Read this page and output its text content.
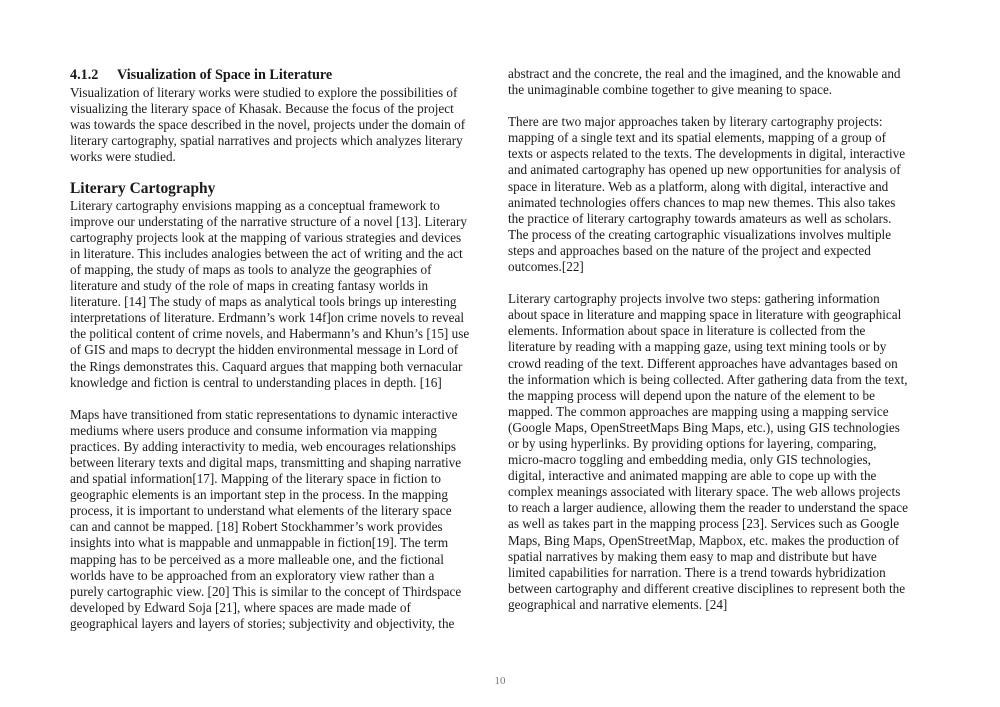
4.1.2 Visualization of Space in Literature

Visualization of literary works were studied to explore the possibilities of visualizing the literary space of Khasak. Because the focus of the project was towards the space described in the novel, projects under the domain of literary cartography, spatial narratives and projects which analyzes literary works were studied.

Literary Cartography

Literary cartography envisions mapping as a conceptual framework to improve our understating of the narrative structure of a novel [13]. Literary cartography projects look at the mapping of various strategies and devices in literature. This includes analogies between the act of writing and the act of mapping, the study of maps as tools to analyze the geographies of literature and study of the role of maps in creating fantasy worlds in literature. [14] The study of maps as analytical tools brings up interesting interpretations of literature. Erdmann’s work 14f]on crime novels to reveal the political content of crime novels, and Habermann’s and Khun’s [15] use of GIS and maps to decrypt the hidden environmental message in Lord of the Rings demonstrates this. Caquard argues that mapping both vernacular knowledge and fiction is central to understanding places in depth. [16]

Maps have transitioned from static representations to dynamic interactive mediums where users produce and consume information via mapping practices. By adding interactivity to media, web encourages relationships between literary texts and digital maps, transmitting and shaping narrative and spatial information[17]. Mapping of the literary space in fiction to geographic elements is an important step in the process. In the mapping process, it is important to understand what elements of the literary space can and cannot be mapped. [18] Robert Stockhammer’s work provides insights into what is mappable and unmappable in fiction[19]. The term mapping has to be perceived as a more malleable one, and the fictional worlds have to be approached from an exploratory view rather than a purely cartographic view. [20] This is similar to the concept of Thirdspace developed by Edward Soja [21], where spaces are made made of geographical layers and layers of stories; subjectivity and objectivity, the

abstract and the concrete, the real and the imagined, and the knowable and the unimaginable combine together to give meaning to space.

There are two major approaches taken by literary cartography projects: mapping of a single text and its spatial elements, mapping of a group of texts or aspects related to the texts. The developments in digital, interactive and animated cartography has opened up new opportunities for analysis of space in literature. Web as a platform, along with digital, interactive and animated technologies offers chances to map new themes. This also takes the practice of literary cartography towards amateurs as well as scholars. The process of the creating cartographic visualizations involves multiple steps and approaches based on the nature of the project and expected outcomes.[22]

Literary cartography projects involve two steps: gathering information about space in literature and mapping space in literature with geographical elements. Information about space in literature is collected from the literature by reading with a mapping gaze, using text mining tools or by crowd reading of the text. Different approaches have advantages based on the information which is being collected. After gathering data from the text, the mapping process will depend upon the nature of the element to be mapped. The common approaches are mapping using a mapping service (Google Maps, OpenStreetMaps Bing Maps, etc.), using GIS technologies or by using hyperlinks. By providing options for layering, comparing, micro-macro toggling and embedding media, only GIS technologies, digital, interactive and animated mapping are able to cope up with the complex meanings associated with literary space. The web allows projects to reach a larger audience, allowing them the reader to understand the space as well as takes part in the mapping process [23]. Services such as Google Maps, Bing Maps, OpenStreetMap, Mapbox, etc. makes the production of spatial narratives by making them easy to map and distribute but have limited capabilities for narration. There is a trend towards hybridization between cartography and different creative disciplines to represent both the geographical and narrative elements. [24]

10
